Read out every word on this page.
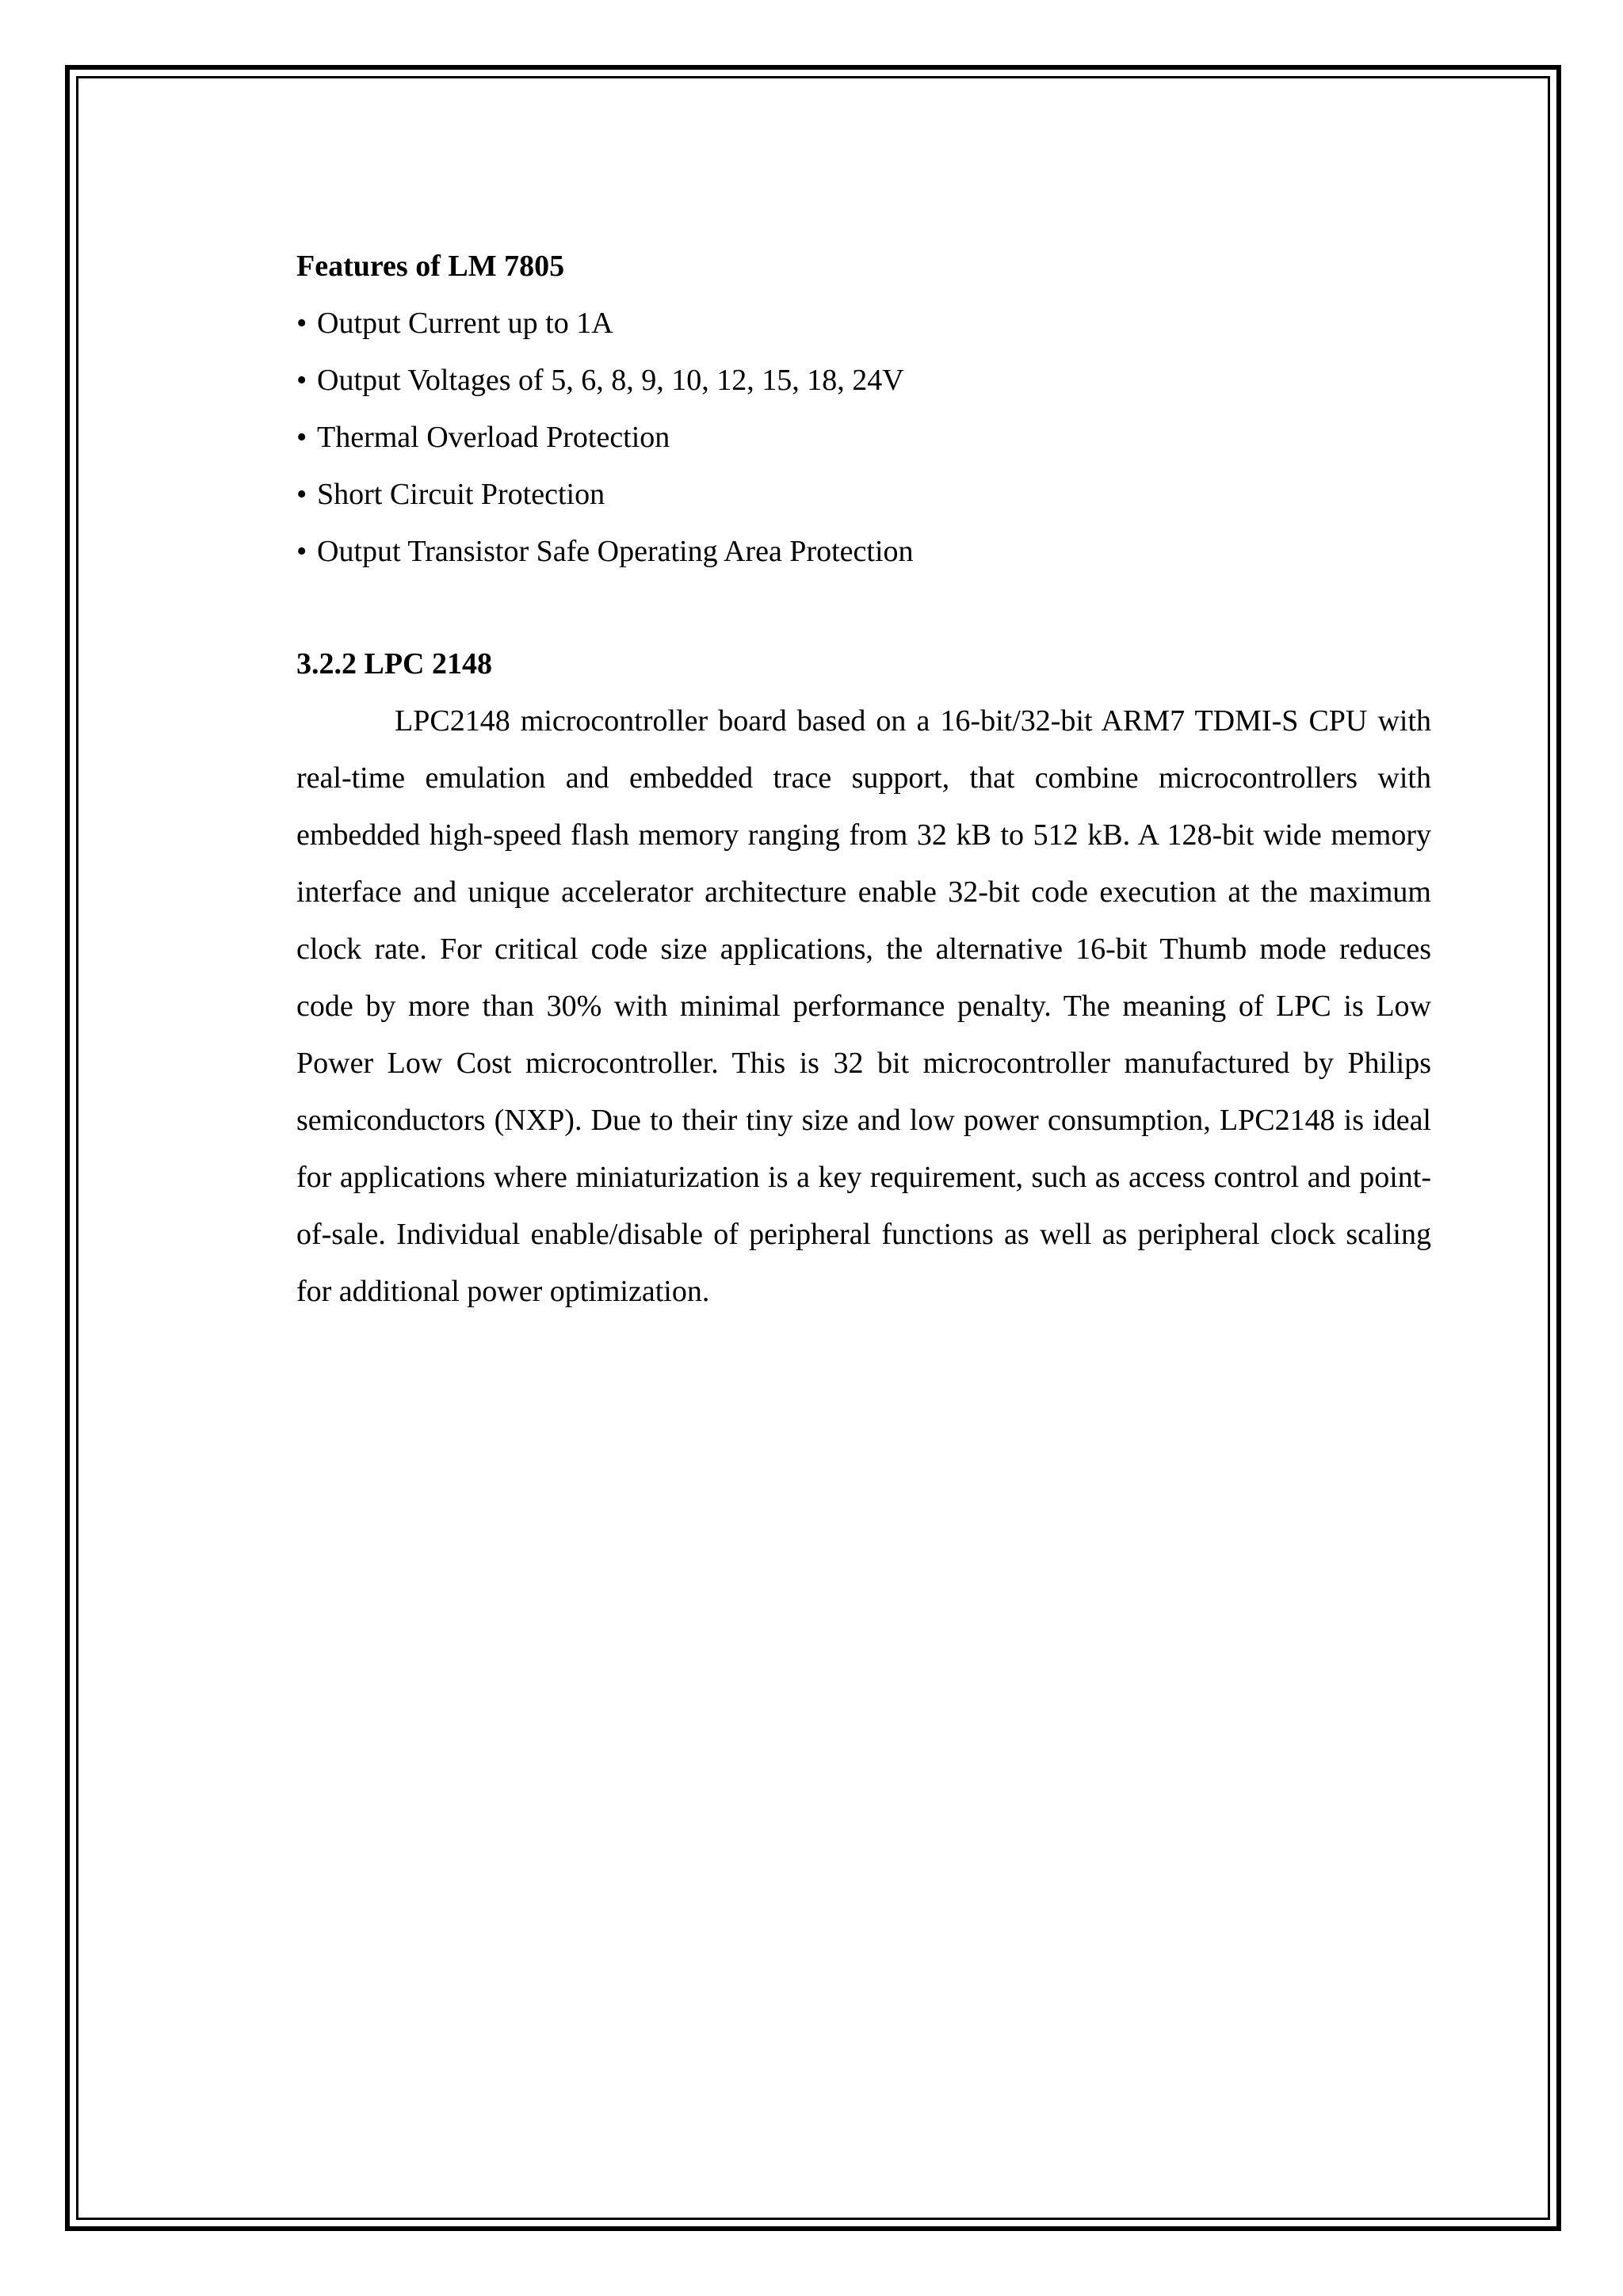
Features of LM 7805

• Output Current up to 1A
• Output Voltages of 5, 6, 8, 9, 10, 12, 15, 18, 24V
• Thermal Overload Protection
• Short Circuit Protection
• Output Transistor Safe Operating Area Protection

3.2.2 LPC 2148

LPC2148 microcontroller board based on a 16-bit/32-bit ARM7 TDMI-S CPU with real-time emulation and embedded trace support, that combine microcontrollers with embedded high-speed flash memory ranging from 32 kB to 512 kB. A 128-bit wide memory interface and unique accelerator architecture enable 32-bit code execution at the maximum clock rate. For critical code size applications, the alternative 16-bit Thumb mode reduces code by more than 30% with minimal performance penalty. The meaning of LPC is Low Power Low Cost microcontroller. This is 32 bit microcontroller manufactured by Philips semiconductors (NXP). Due to their tiny size and low power consumption, LPC2148 is ideal for applications where miniaturization is a key requirement, such as access control and point-of-sale. Individual enable/disable of peripheral functions as well as peripheral clock scaling for additional power optimization.
